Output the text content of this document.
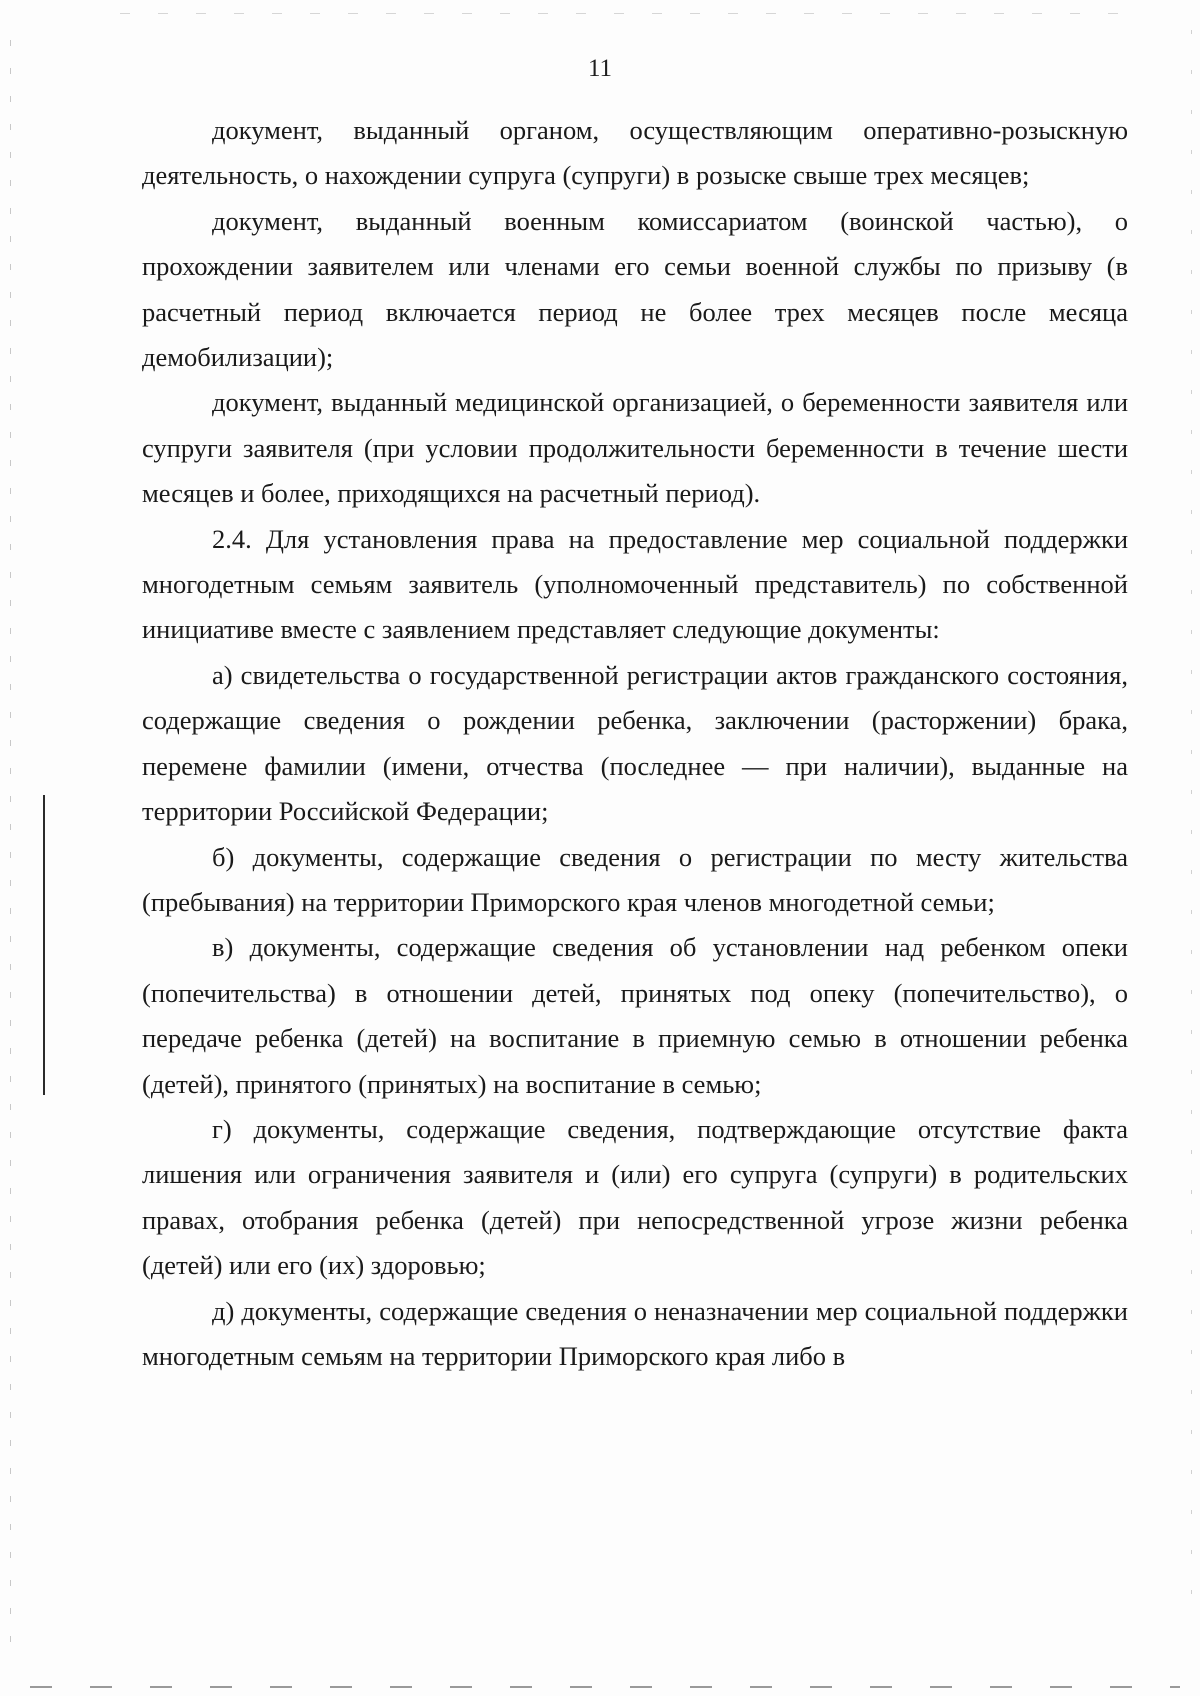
11

документ, выданный органом, осуществляющим оперативно-розыскную деятельность, о нахождении супруга (супруги) в розыске свыше трех месяцев;

документ, выданный военным комиссариатом (воинской частью), о прохождении заявителем или членами его семьи военной службы по призыву (в расчетный период включается период не более трех месяцев после месяца демобилизации);

документ, выданный медицинской организацией, о беременности заявителя или супруги заявителя (при условии продолжительности беременности в течение шести месяцев и более, приходящихся на расчетный период).

2.4. Для установления права на предоставление мер социальной поддержки многодетным семьям заявитель (уполномоченный представитель) по собственной инициативе вместе с заявлением представляет следующие документы:

а) свидетельства о государственной регистрации актов гражданского состояния, содержащие сведения о рождении ребенка, заключении (расторжении) брака, перемене фамилии (имени, отчества (последнее — при наличии), выданные на территории Российской Федерации;

б) документы, содержащие сведения о регистрации по месту жительства (пребывания) на территории Приморского края членов многодетной семьи;

в) документы, содержащие сведения об установлении над ребенком опеки (попечительства) в отношении детей, принятых под опеку (попечительство), о передаче ребенка (детей) на воспитание в приемную семью в отношении ребенка (детей), принятого (принятых) на воспитание в семью;

г) документы, содержащие сведения, подтверждающие отсутствие факта лишения или ограничения заявителя и (или) его супруга (супруги) в родительских правах, отобрания ребенка (детей) при непосредственной угрозе жизни ребенка (детей) или его (их) здоровью;

д) документы, содержащие сведения о неназначении мер социальной поддержки многодетным семьям на территории Приморского края либо в
